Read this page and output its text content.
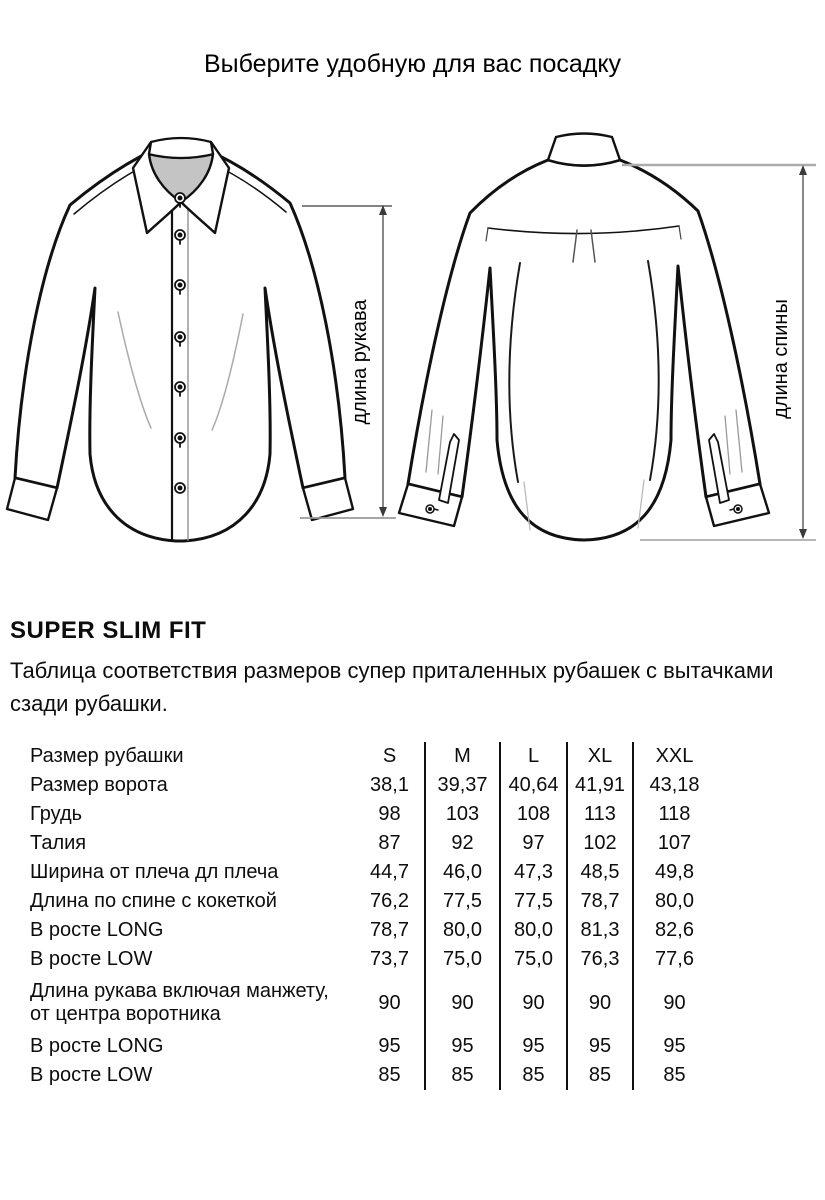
Выберите удобную для вас посадку
длина рукава	длина спины
SUPER SLIM FIT
Таблица соответствия размеров супер приталенных рубашек с вытачками
сзади рубашки.
Размер рубашки	S	M	L	XL	XXL
Размер ворота	38,1	39,37	40,64	41,91	43,18
Грудь	98	103	108	113	118
Талия	87	92	97	102	107
Ширина от плеча дл плеча	44,7	46,0	47,3	48,5	49,8
Длина по спине с кокеткой	76,2	77,5	77,5	78,7	80,0
В росте LONG	78,7	80,0	80,0	81,3	82,6
В росте LOW	73,7	75,0	75,0	76,3	77,6

Длина рукава включая манжету,
от центра воротника	90	90	90	90	90
В росте LONG	95	95	95	95	95
В росте LOW	85	85	85	85	85
